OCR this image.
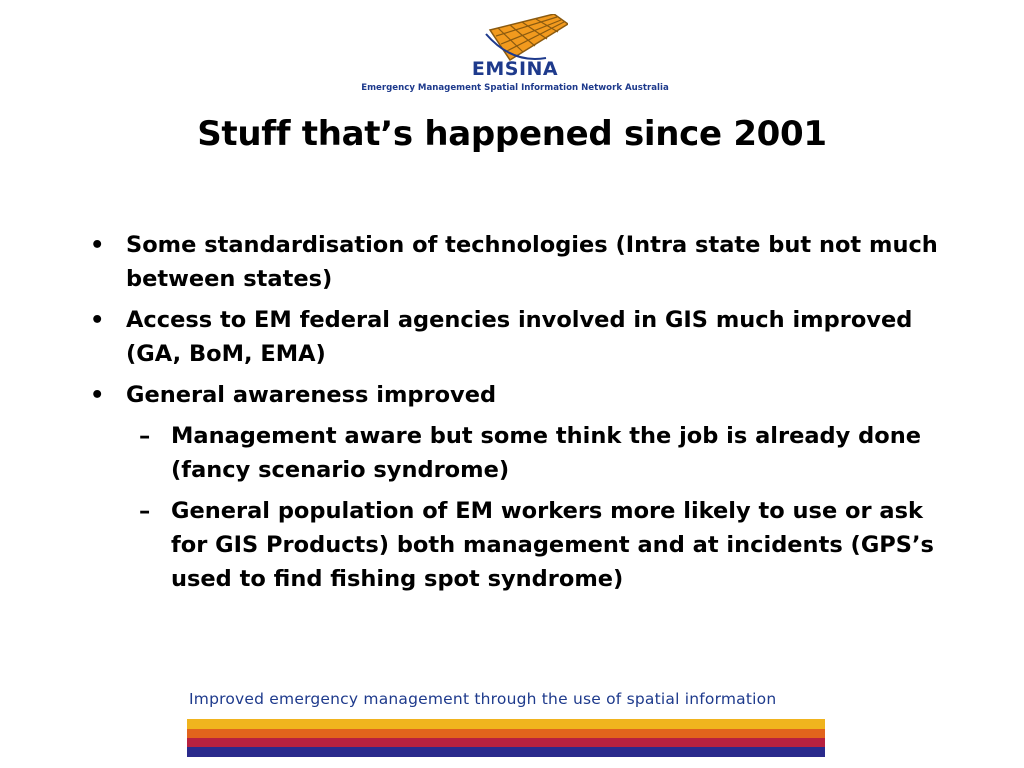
EMSINA
Emergency Management Spatial Information Network Australia
Stuff that’s happened since 2001
• Some standardisation of technologies (Intra state but not much between states)
• Access to EM federal agencies involved in GIS much improved (GA, BoM, EMA)
• General awareness improved
– Management aware but some think the job is already done (fancy scenario syndrome)
– General population of EM workers more likely to use or ask for GIS Products) both management and at incidents (GPS’s used to find fishing spot syndrome)
Improved emergency management through the use of spatial information
